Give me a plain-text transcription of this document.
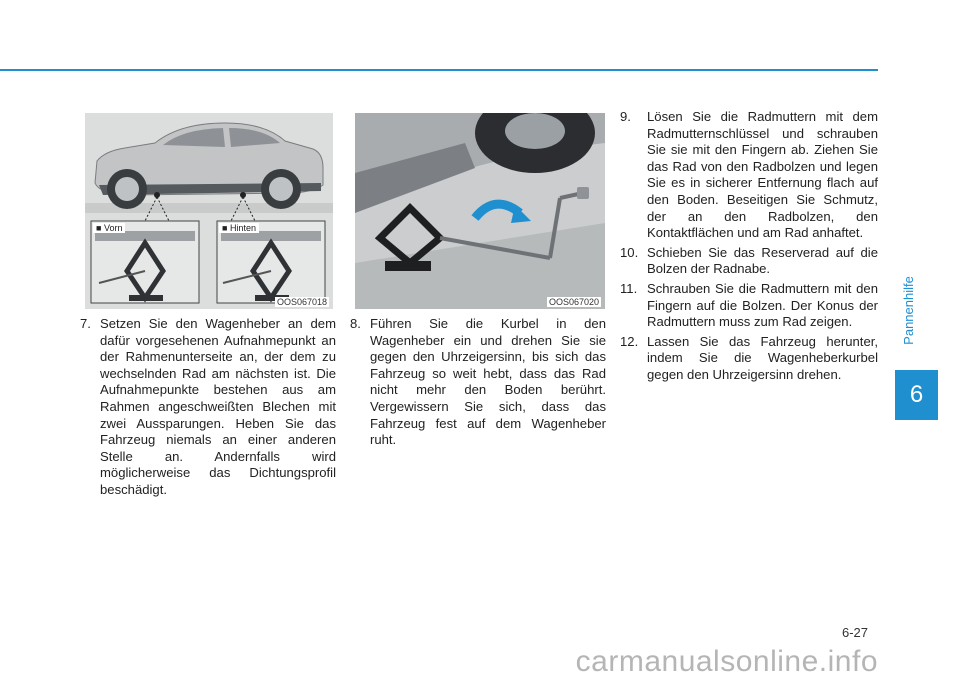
Pannenhilfe
6
■ Vorn	■ Hinten
OOS067018	OOS067020
7. Setzen Sie den Wagenheber an dem dafür vorgesehenen Aufnahmepunkt an der Rahmenunterseite an, der dem zu wechselnden Rad am nächsten ist. Die Aufnahmepunkte bestehen aus am Rahmen angeschweißten Blechen mit zwei Aussparungen. Heben Sie das Fahrzeug niemals an einer anderen Stelle an. Andernfalls wird möglicherweise das Dichtungsprofil beschädigt.
8. Führen Sie die Kurbel in den Wagenheber ein und drehen Sie sie gegen den Uhrzeigersinn, bis sich das Fahrzeug so weit hebt, dass das Rad nicht mehr den Boden berührt. Vergewissern Sie sich, dass das Fahrzeug fest auf dem Wagenheber ruht.
9.	Lösen Sie die Radmuttern mit dem Radmutternschlüssel und schrauben Sie sie mit den Fingern ab. Ziehen Sie das Rad von den Radbolzen und legen Sie es in sicherer Entfernung flach auf den Boden. Beseitigen Sie Schmutz, der an den Radbolzen, den Kontaktflächen und am Rad anhaftet.
10. Schieben Sie das Reserverad auf die Bolzen der Radnabe.
11. Schrauben Sie die Radmuttern mit den Fingern auf die Bolzen. Der Konus der Radmuttern muss zum Rad zeigen.
12. Lassen Sie das Fahrzeug herunter, indem Sie die Wagenheberkurbel gegen den Uhrzeigersinn drehen.
6-27
carmanualsonline.info
